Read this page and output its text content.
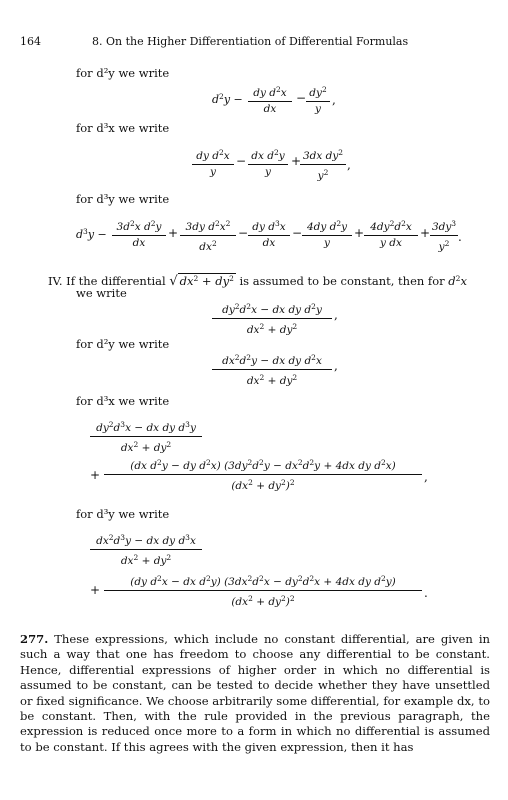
164	8. On the Higher Differentiation of Differential Formulas
for d²y we write
$d^2y$ −	dy $d^2x$
dx
− $dy^2$
y
,
for d³x we write
dy $d^2x$
y
− dx $d^2y$
y
+ 3dx $dy^2$
$y^2$
,
for d³y we write
$d^3y$ −
$3d^2x$ $d^2y$
dx
+ 3dy $d^2x^2$
$dx^2$
− dy $d^3x$
dx
− 4dy $d^2y$
y
+ $4dy^2d^2x$
y dx
+ $3dy^3$
$y^2$ .
IV. If the differential √ $dx^2 + dy^2$ is assumed to be constant, then for $d^2x$
we write
$dy^2d^2x$ − dx dy $d^2y$
$dx^2 + dy^2$
,
for d²y we write
$dx^2d^2y$ − dx dy $d^2x$
$dx^2 + dy^2$
,
for d³x we write
$dy^2d^3x$ − dx dy $d^3y$
$dx^2 + dy^2$
+
(dx $d^2y$ − dy $d^2x$) ($3dy^2d^2y - dx^2d^2y + 4dx$ dy $d^2x$)
$(dx^2 + dy^2)^2$	,
for d³y we write
$dx^2d^3y$ − dx dy $d^3x$
$dx^2 + dy^2$
+
(dy $d^2x$ − dx $d^2y$) ($3dx^2d^2x - dy^2d^2x + 4dx$ dy $d^2y$)
$(dx^2 + dy^2)^2$	.

277. These expressions, which include no constant differential, are given in such a way that one has freedom to choose any differential to be constant. Hence, differential expressions of higher order in which no differential is assumed to be constant, can be tested to decide whether they have unsettled or fixed significance. We choose arbitrarily some differential, for example dx, to be constant. Then, with the rule provided in the previous paragraph, the expression is reduced once more to a form in which no differential is assumed to be constant. If this agrees with the given expression, then it has
